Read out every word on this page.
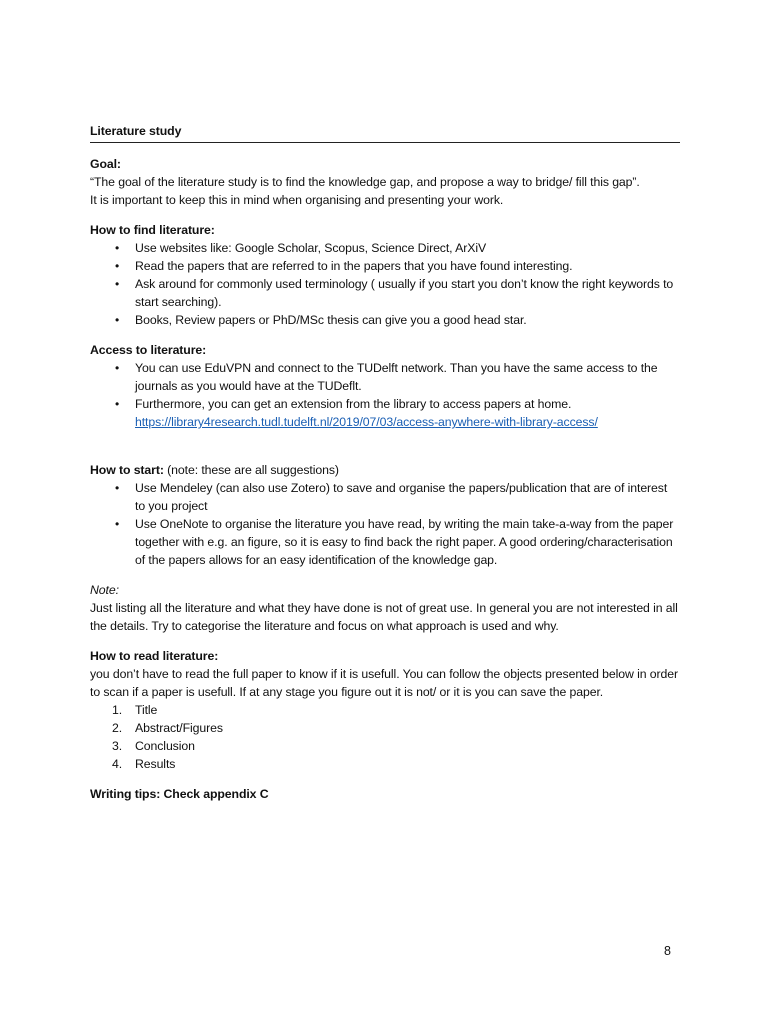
Literature study

Goal:

“The goal of the literature study is to find the knowledge gap, and propose a way to bridge/ fill this gap”.

It is important to keep this in mind when organising and presenting your work.

How to find literature:

• Use websites like: Google Scholar, Scopus, Science Direct, ArXiV
• Read the papers that are referred to in the papers that you have found interesting.
• Ask around for commonly used terminology ( usually if you start you don’t know the right keywords to start searching).
• Books, Review papers or PhD/MSc thesis can give you a good head star.

Access to literature:

• You can use EduVPN and connect to the TUDelft network. Than you have the same access to the journals as you would have at the TUDeflt.
• Furthermore, you can get an extension from the library to access papers at home.
https://library4research.tudl.tudelft.nl/2019/07/03/access-anywhere-with-library-access/

How to start: (note: these are all suggestions)

• Use Mendeley (can also use Zotero) to save and organise the papers/publication that are of interest to you project
• Use OneNote to organise the literature you have read, by writing the main take-a-way from the paper together with e.g. an figure, so it is easy to find back the right paper. A good ordering/characterisation of the papers allows for an easy identification of the knowledge gap.

Note:

Just listing all the literature and what they have done is not of great use. In general you are not interested in all the details. Try to categorise the literature and focus on what approach is used and why.

How to read literature:

you don’t have to read the full paper to know if it is usefull. You can follow the objects presented below in order to scan if a paper is usefull. If at any stage you figure out it is not/ or it is you can save the paper.

1. Title
2. Abstract/Figures
3. Conclusion
4. Results

Writing tips: Check appendix C

8
